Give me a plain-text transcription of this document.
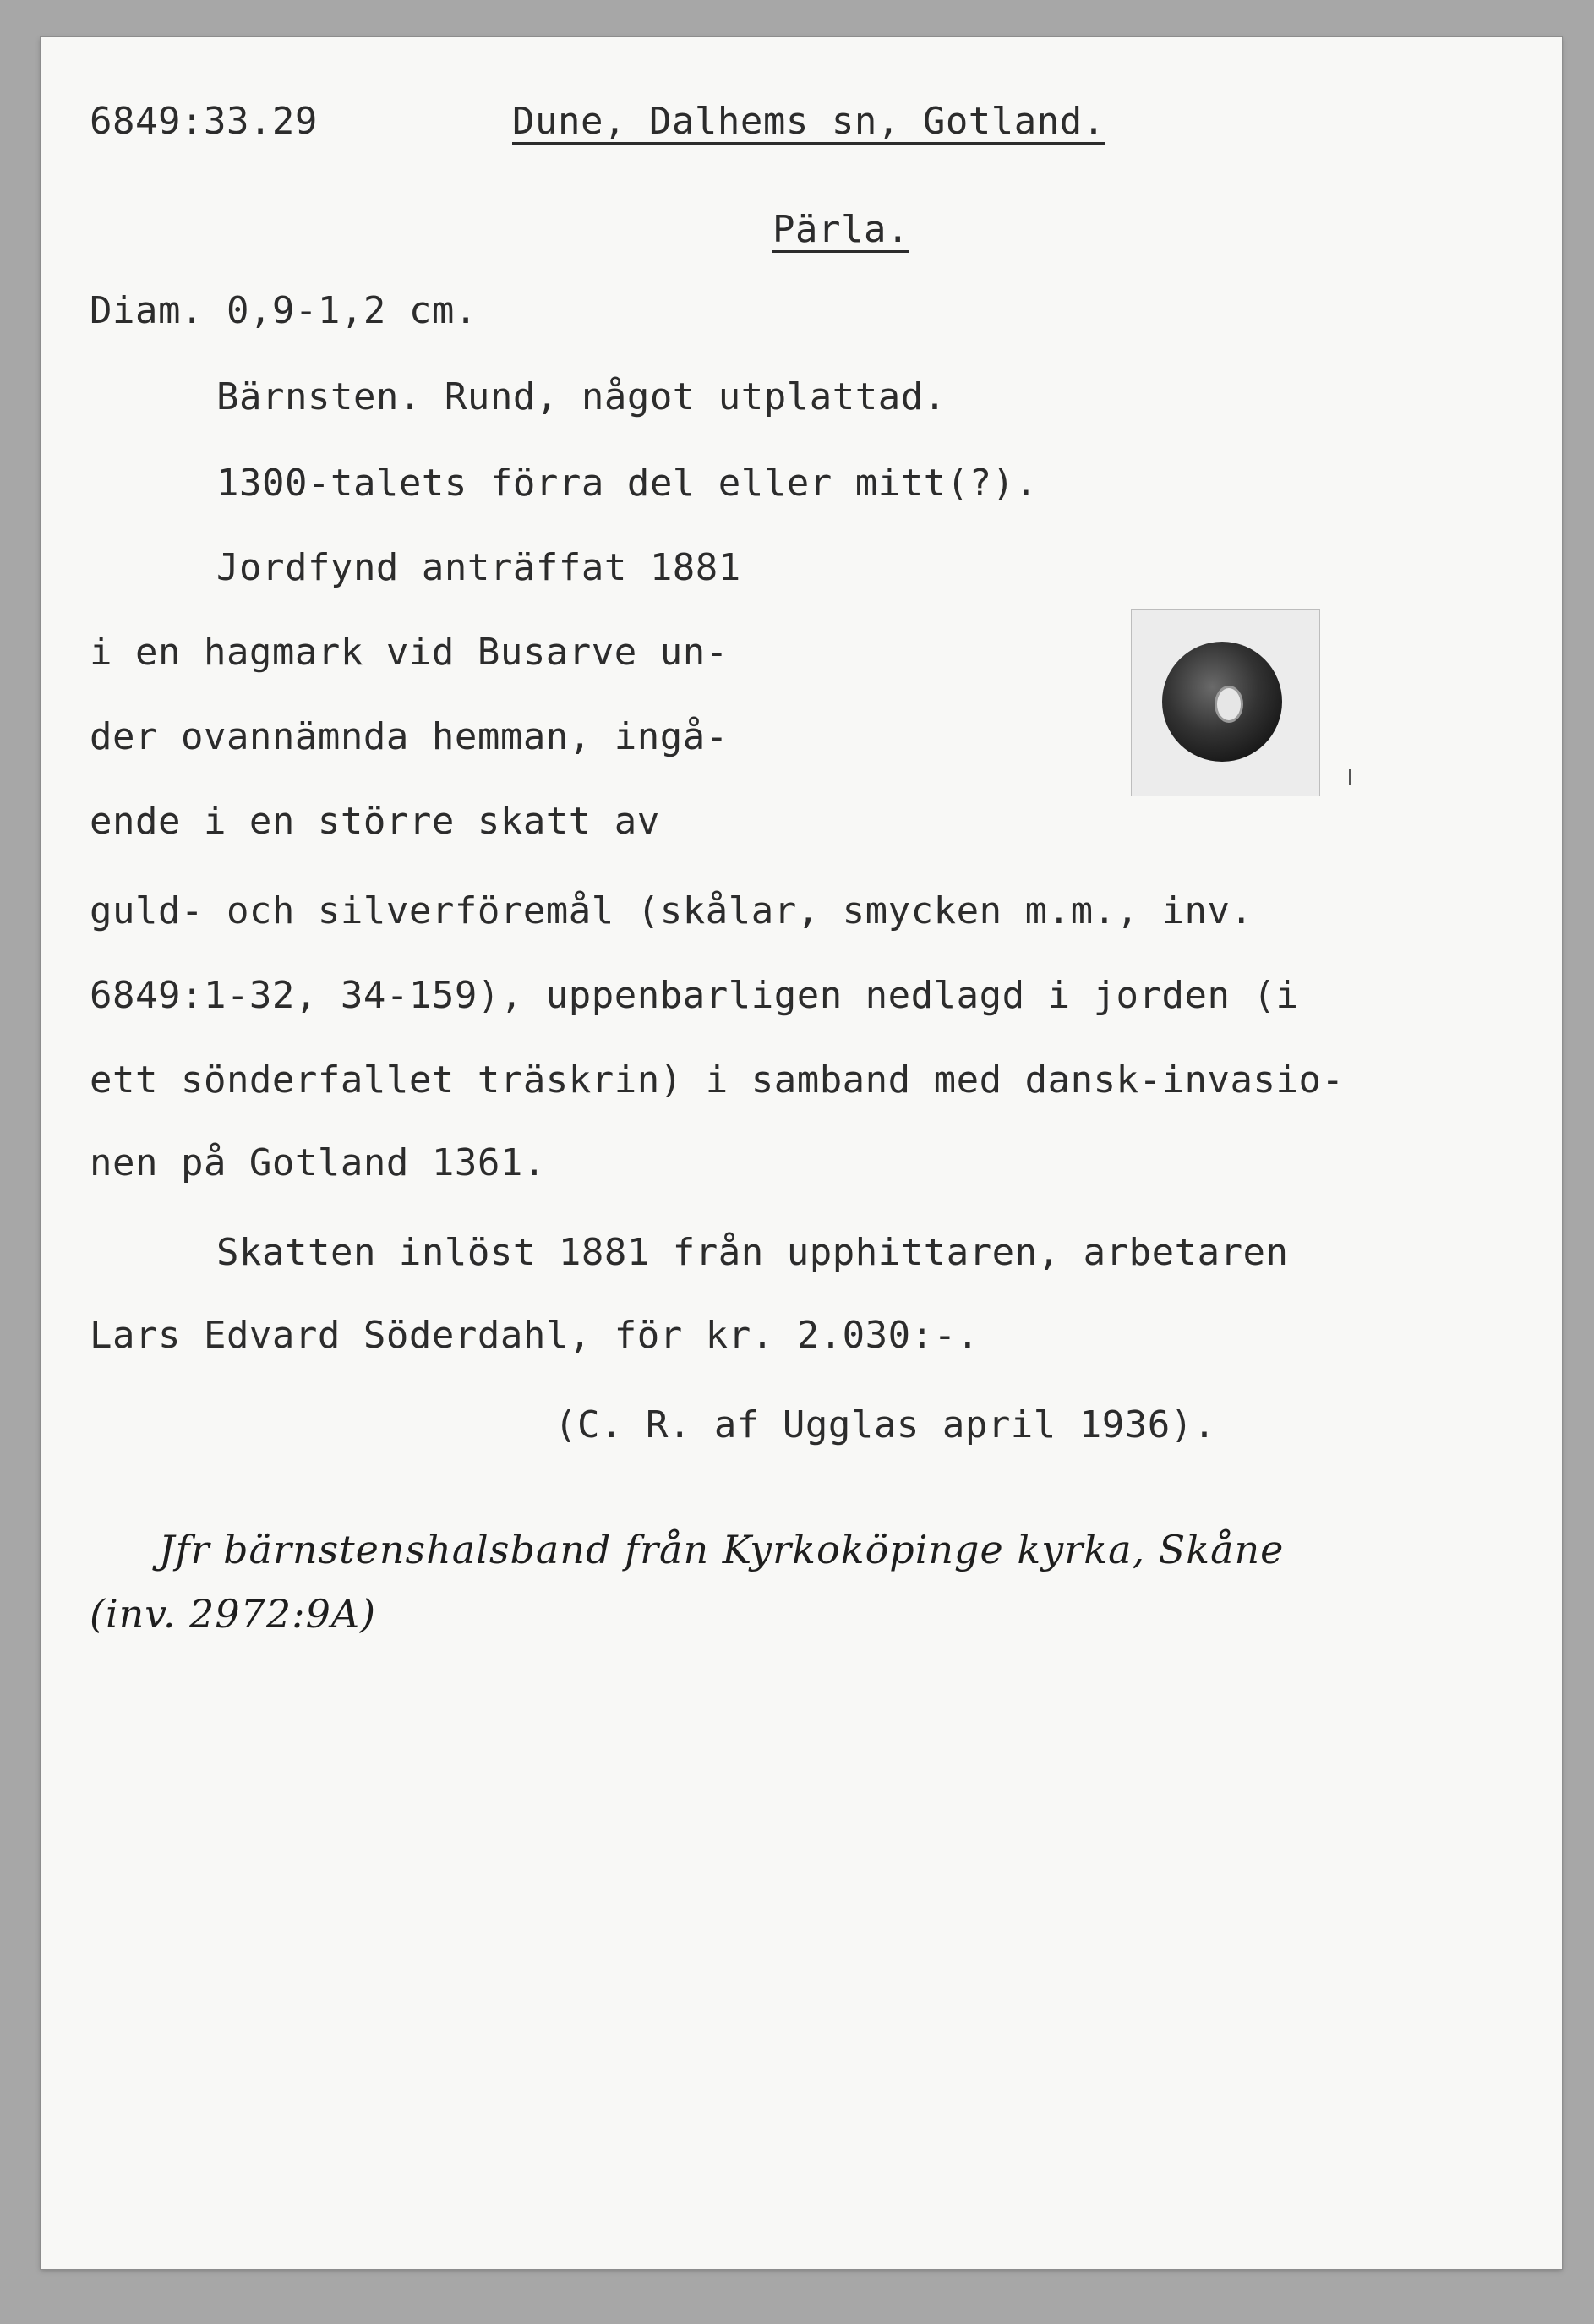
6849:33.29	Dune, Dalhems sn, Gotland.
Pärla.
Diam. 0,9-1,2 cm.
Bärnsten. Rund, något utplattad.
1300-talets förra del eller mitt(?).
Jordfynd anträffat 1881
i en hagmark vid Busarve un-
der ovannämnda hemman, ingå-
ende i en större skatt av
guld- och silverföremål (skålar, smycken m.m., inv.
6849:1-32, 34-159), uppenbarligen nedlagd i jorden (i
ett sönderfallet träskrin) i samband med dansk-invasio-
nen på Gotland 1361.
Skatten inlöst 1881 från upphittaren, arbetaren
Lars Edvard Söderdahl, för kr. 2.030:-.
(C. R. af Ugglas april 1936).
Jfr bärnstenshalsband från Kyrkoköpinge kyrka, Skåne
(inv. 2972:9A)
